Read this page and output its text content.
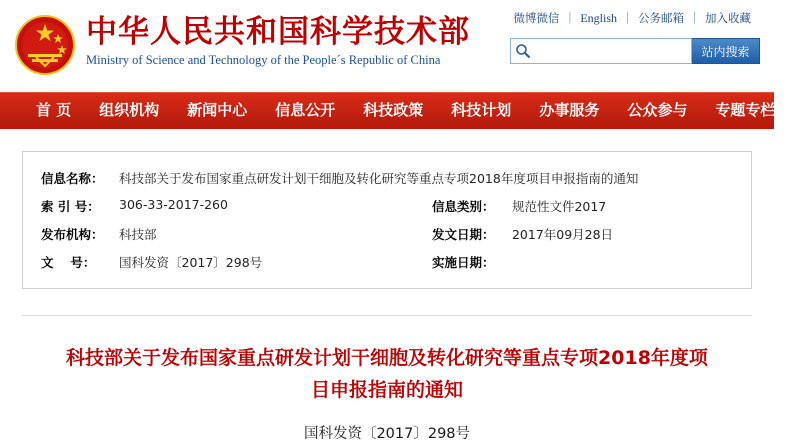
中华人民共和国科学技术部
Ministry of Science and Technology of the People´s Republic of China
微博微信 | English | 公务邮箱 | 加入收藏
站内搜索
首 页	组织机构	新闻中心	信息公开	科技政策	科技计划	办事服务	公众参与	专题专栏
信息名称：	科技部关于发布国家重点研发计划干细胞及转化研究等重点专项2018年度项目申报指南的通知		
索 引 号：	306-33-2017-260	信息类别：	规范性文件2017
发布机构：	科技部	发文日期：	2017年09月28日
文　 号：	国科发资〔2017〕298号	实施日期：	
科技部关于发布国家重点研发计划干细胞及转化研究等重点专项2018年度项目申报指南的通知
国科发资〔2017〕298号
